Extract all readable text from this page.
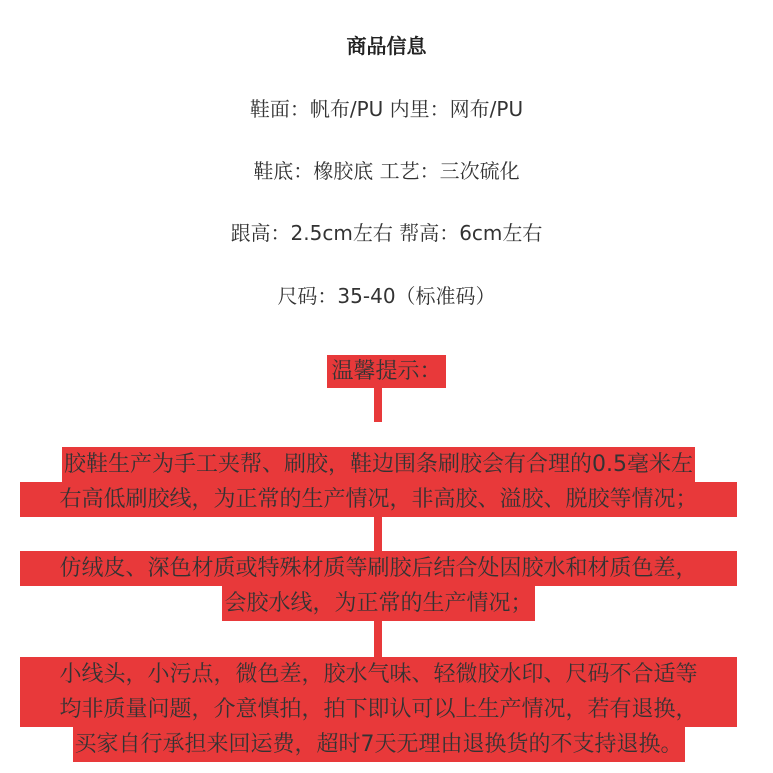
商品信息
鞋面：帆布/PU 内里：网布/PU
鞋底：橡胶底 工艺：三次硫化
跟高：2.5cm左右 帮高：6cm左右
尺码：35-40（标准码）
温馨提示：
胶鞋生产为手工夹帮、刷胶，鞋边围条刷胶会有合理的0.5毫米左
右高低刷胶线，为正常的生产情况，非高胶、溢胶、脱胶等情况；
仿绒皮、深色材质或特殊材质等刷胶后结合处因胶水和材质色差，
会胶水线，为正常的生产情况；
小线头，小污点，微色差，胶水气味、轻微胶水印、尺码不合适等
均非质量问题，介意慎拍，拍下即认可以上生产情况，若有退换，
买家自行承担来回运费，超时7天无理由退换货的不支持退换。
